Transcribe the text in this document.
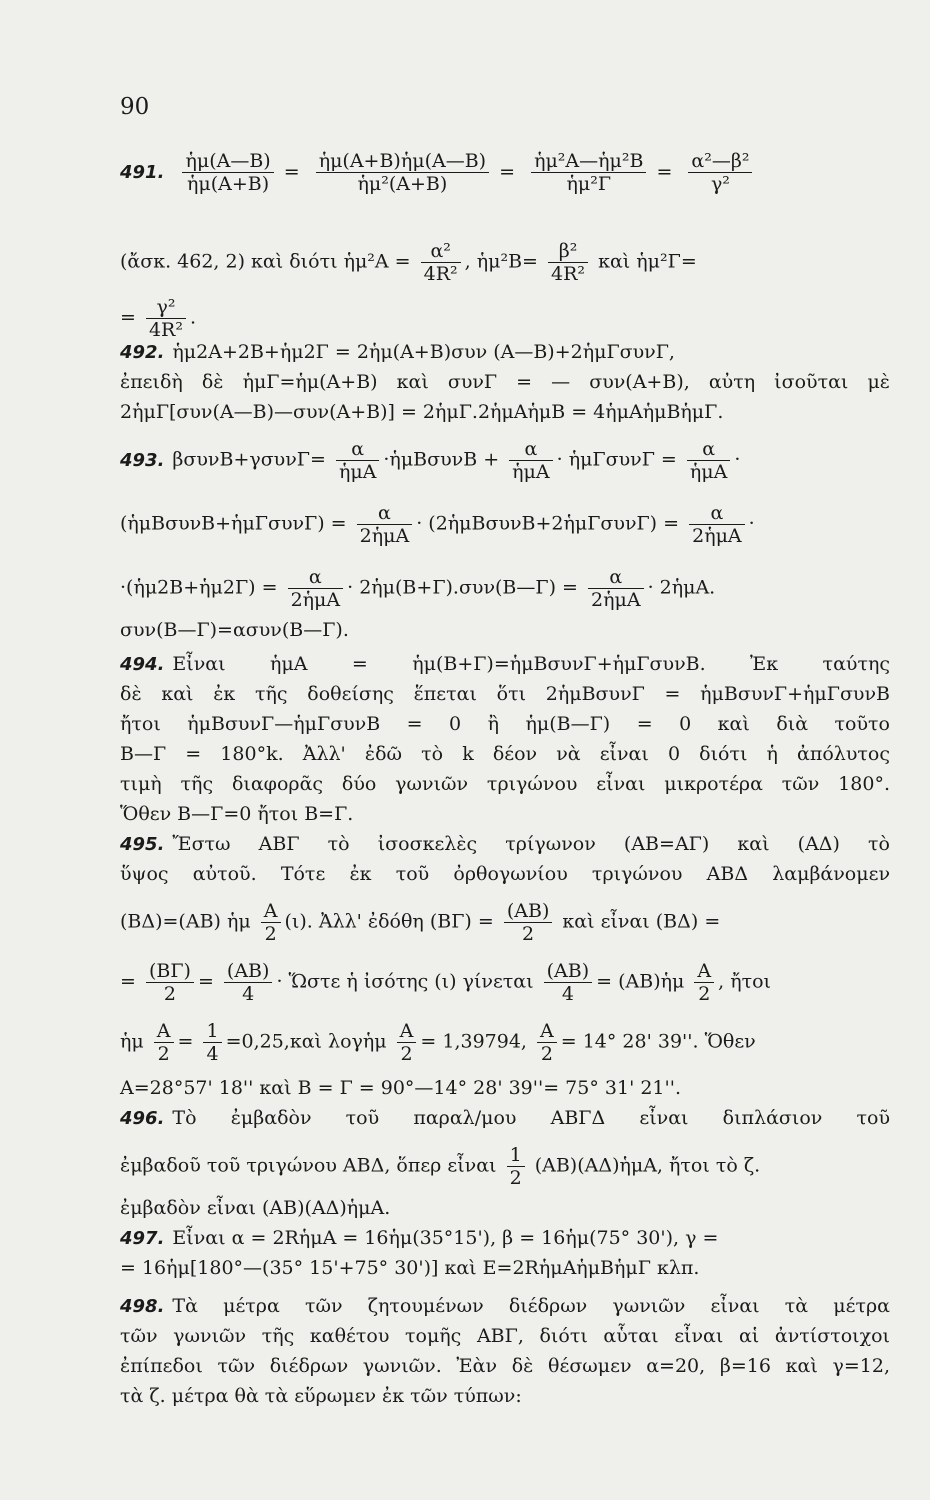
90
491. $\frac{\text{ἡμ(Α—Β)}}{\text{ἡμ(Α+Β)}} = \frac{\text{ἡμ(Α+Β)ἡμ(Α—Β)}}{\text{ἡμ²(Α+Β)}} = \frac{\text{ἡμ²Α—ἡμ²Β}}{\text{ἡμ²Γ}} = \frac{\text{α²—β²}}{\text{γ²}}$
(ἄσκ. 462, 2) καὶ διότι ἡμ²Α = $\frac{\text{α²}}{\text{4R²}}$ , ἡμ²Β= $\frac{\text{β²}}{\text{4R²}}$ καὶ ἡμ²Γ=
= $\frac{\text{γ²}}{\text{4R²}}$ .
492. ἡμ2Α+2Β+ἡμ2Γ = 2ἡμ(Α+Β)συν (Α—Β)+2ἡμΓσυνΓ,
ἐπειδὴ δὲ ἡμΓ=ἡμ(Α+Β) καὶ συνΓ = — συν(Α+Β), αὐτη ἰσοῦται μὲ
2ἡμΓ[συν(Α—Β)—συν(Α+Β)] = 2ἡμΓ.2ἡμΑἡμΒ = 4ἡμΑἡμΒἡμΓ.
493. $\beta\sigma\upsilon\nu B+\gamma\sigma\upsilon\nu\Gamma= \frac{\alpha}{\text{ἡμΑ}}$ ·ἡμΒσυνΒ + $\frac{\alpha}{\text{ἡμΑ}}$ · ἡμΓσυνΓ = $\frac{\alpha}{\text{ἡμΑ}}$ ·
(ἡμΒσυνΒ+ἡμΓσυνΓ) = $\frac{\alpha}{\text{2ἡμΑ}}$ · (2ἡμΒσυνΒ+2ἡμΓσυνΓ) = $\frac{\alpha}{\text{2ἡμΑ}}$ ·
·(ἡμ2Β+ἡμ2Γ) = $\frac{\alpha}{\text{2ἡμΑ}}$ · 2ἡμ(Β+Γ).συν(Β—Γ) = $\frac{\alpha}{\text{2ἡμΑ}}$ · 2ἡμΑ.
συν(Β—Γ)=ασυν(Β—Γ).
494. Εἶναι ἡμΑ = ἡμ(Β+Γ)=ἡμΒσυνΓ+ἡμΓσυνΒ. Ἐκ ταύτης
δὲ καὶ ἐκ τῆς δοθείσης ἕπεται ὅτι 2ἡμΒσυνΓ = ἡμΒσυνΓ+ἡμΓσυνΒ
ἤτοι ἡμΒσυνΓ—ἡμΓσυνΒ = 0 ἢ ἡμ(Β—Γ) = 0 καὶ διὰ τοῦτο
Β—Γ = 180°k. Ἀλλ' ἐδῶ τὸ k δέον νὰ εἶναι 0 διότι ἡ ἀπόλυτος
τιμὴ τῆς διαφορᾶς δύο γωνιῶν τριγώνου εἶναι μικροτέρα τῶν 180°.
Ὅθεν Β—Γ=0 ἤτοι Β=Γ.
495. Ἔστω ΑΒΓ τὸ ἰσοσκελὲς τρίγωνον (ΑΒ=ΑΓ) καὶ (ΑΔ) τὸ
ὕψος αὐτοῦ. Τότε ἐκ τοῦ ὀρθογωνίου τριγώνου ΑΒΔ λαμβάνομεν
(ΒΔ)=(ΑΒ) ἡμ $\frac{A}{2} (\iota)$. Ἀλλ' ἐδόθη $(B\Gamma) = \frac{(AB)}{2}$ καὶ εἶναι (ΒΔ) =
= $\frac{(B\Gamma)}{2} = \frac{(AB)}{4}$ · Ὥστε ἡ ἰσότης (ι) γίνεται $\frac{(AB)}{4}$ = (ΑΒ)ἡμ $\frac{A}{2}$ , ἤτοι
ἡμ $\frac{A}{2} = \frac{1}{4}$ =0,25,καὶ λογἡμ $\frac{A}{2} = 1,39794$, $\frac{A}{2} = 14^\circ$ 28' 39''. Ὅθεν
Α=28°57' 18'' καὶ Β = Γ = 90°—14° 28' 39''= 75° 31' 21''.
496. Τὸ ἐμβαδὸν τοῦ παραλ/μου ΑΒΓΔ εἶναι διπλάσιον τοῦ
ἐμβαδοῦ τοῦ τριγώνου ΑΒΔ, ὅπερ εἶναι $\frac{1}{2}$ (ΑΒ)(ΑΔ)ἡμΑ, ἤτοι τὸ ζ.
ἐμβαδὸν εἶναι (ΑΒ)(ΑΔ)ἡμΑ.
497. Εἶναι α = 2RἡμΑ = 16ἡμ(35°15'), β = 16ἡμ(75° 30'), γ =
= 16ἡμ[180°—(35° 15'+75° 30')] καὶ Ε=2RἡμΑἡμΒἡμΓ κλπ.
498. Τὰ μέτρα τῶν ζητουμένων διέδρων γωνιῶν εἶναι τὰ μέτρα
τῶν γωνιῶν τῆς καθέτου τομῆς ΑΒΓ, διότι αὗται εἶναι αἱ ἀντίστοιχοι
ἐπίπεδοι τῶν διέδρων γωνιῶν. Ἐὰν δὲ θέσωμεν α=20, β=16 καὶ γ=12,
τὰ ζ. μέτρα θὰ τὰ εὕρωμεν ἐκ τῶν τύπων:
